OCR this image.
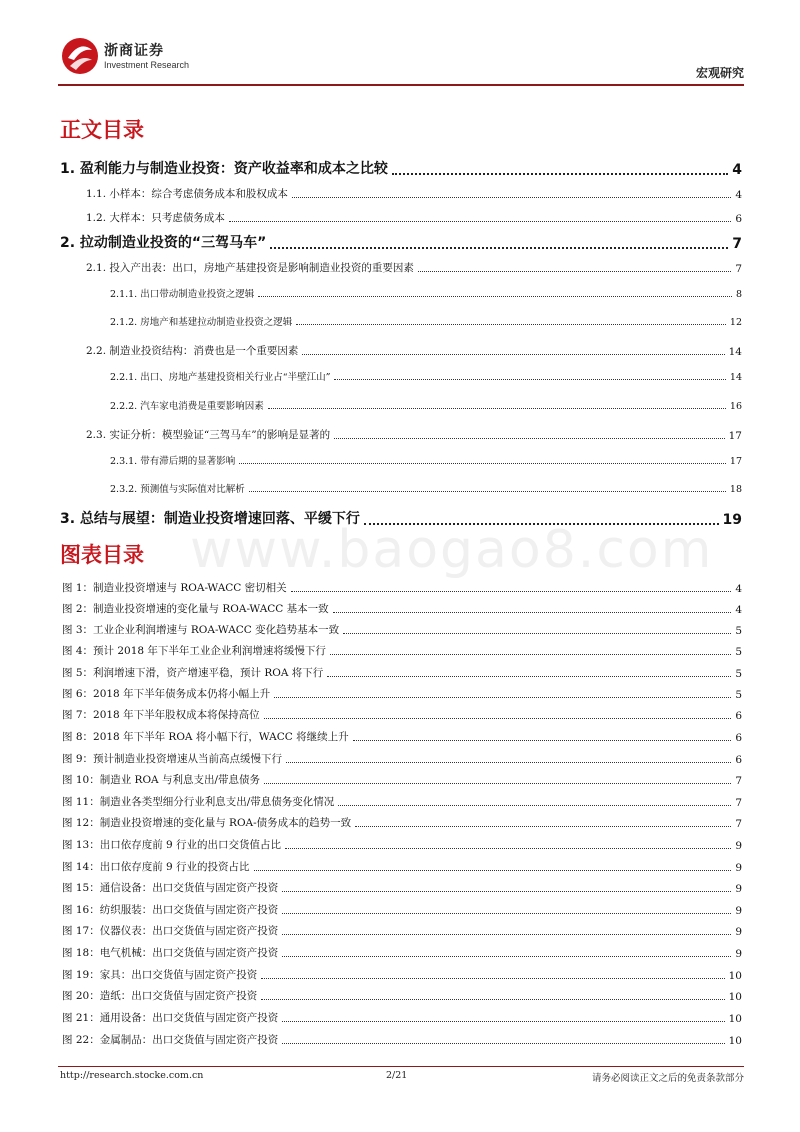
浙商证券
Investment Research
宏观研究
www.baogao8.com
正文目录
1. 盈利能力与制造业投资：资产收益率和成本之比较	4
1.1. 小样本：综合考虑债务成本和股权成本	4
1.2. 大样本：只考虑债务成本	6
2. 拉动制造业投资的“三驾马车”	7
2.1. 投入产出表：出口，房地产基建投资是影响制造业投资的重要因素	7
2.1.1. 出口带动制造业投资之逻辑	8
2.1.2. 房地产和基建拉动制造业投资之逻辑	12
2.2. 制造业投资结构：消费也是一个重要因素	14
2.2.1. 出口、房地产基建投资相关行业占“半壁江山”	14
2.2.2. 汽车家电消费是重要影响因素	16
2.3. 实证分析：模型验证“三驾马车”的影响是显著的	17
2.3.1. 带有滞后期的显著影响	17
2.3.2. 预测值与实际值对比解析	18
3. 总结与展望：制造业投资增速回落、平缓下行	19
图表目录
图 1：制造业投资增速与 ROA-WACC 密切相关	4
图 2：制造业投资增速的变化量与 ROA-WACC 基本一致	4
图 3：工业企业利润增速与 ROA-WACC 变化趋势基本一致	5
图 4：预计 2018 年下半年工业企业利润增速将缓慢下行	5
图 5：利润增速下滑，资产增速平稳，预计 ROA 将下行	5
图 6：2018 年下半年债务成本仍将小幅上升	5
图 7：2018 年下半年股权成本将保持高位	6
图 8：2018 年下半年 ROA 将小幅下行，WACC 将继续上升	6
图 9：预计制造业投资增速从当前高点缓慢下行	6
图 10：制造业 ROA 与利息支出/带息债务	7
图 11：制造业各类型细分行业利息支出/带息债务变化情况	7
图 12：制造业投资增速的变化量与 ROA-债务成本的趋势一致	7
图 13：出口依存度前 9 行业的出口交货值占比	9
图 14：出口依存度前 9 行业的投资占比	9
图 15：通信设备：出口交货值与固定资产投资	9
图 16：纺织服装：出口交货值与固定资产投资	9
图 17：仪器仪表：出口交货值与固定资产投资	9
图 18：电气机械：出口交货值与固定资产投资	9
图 19：家具：出口交货值与固定资产投资	10
图 20：造纸：出口交货值与固定资产投资	10
图 21：通用设备：出口交货值与固定资产投资	10
图 22：金属制品：出口交货值与固定资产投资	10
http://research.stocke.com.cn	2/21	请务必阅读正文之后的免责条款部分
